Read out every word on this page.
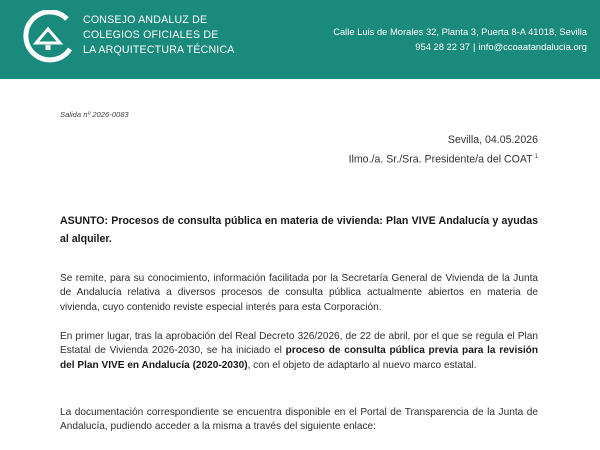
CONSEJO ANDALUZ DE
COLEGIOS OFICIALES DE
LA ARQUITECTURA TÉCNICA
Calle Luis de Morales 32, Planta 3, Puerta 8-A 41018, Sevilla
954 28 22 37 | info@ccoaatandalucia.org
Salida nº 2026-0083
Sevilla, 04.05.2026
Ilmo./a. Sr./Sra. Presidente/a del COAT $^1$
ASUNTO: Procesos de consulta pública en materia de vivienda: Plan VIVE Andalucía y ayudas al alquiler.
Se remite, para su conocimiento, información facilitada por la Secretaría General de Vivienda de la Junta de Andalucía relativa a diversos procesos de consulta pública actualmente abiertos en materia de vivienda, cuyo contenido reviste especial interés para esta Corporación.
En primer lugar, tras la aprobación del Real Decreto 326/2026, de 22 de abril, por el que se regula el Plan Estatal de Vivienda 2026-2030, se ha iniciado el proceso de consulta pública previa para la revisión del Plan VIVE en Andalucía (2020-2030), con el objeto de adaptarlo al nuevo marco estatal.
La documentación correspondiente se encuentra disponible en el Portal de Transparencia de la Junta de Andalucía, pudiendo acceder a la misma a través del siguiente enlace:
